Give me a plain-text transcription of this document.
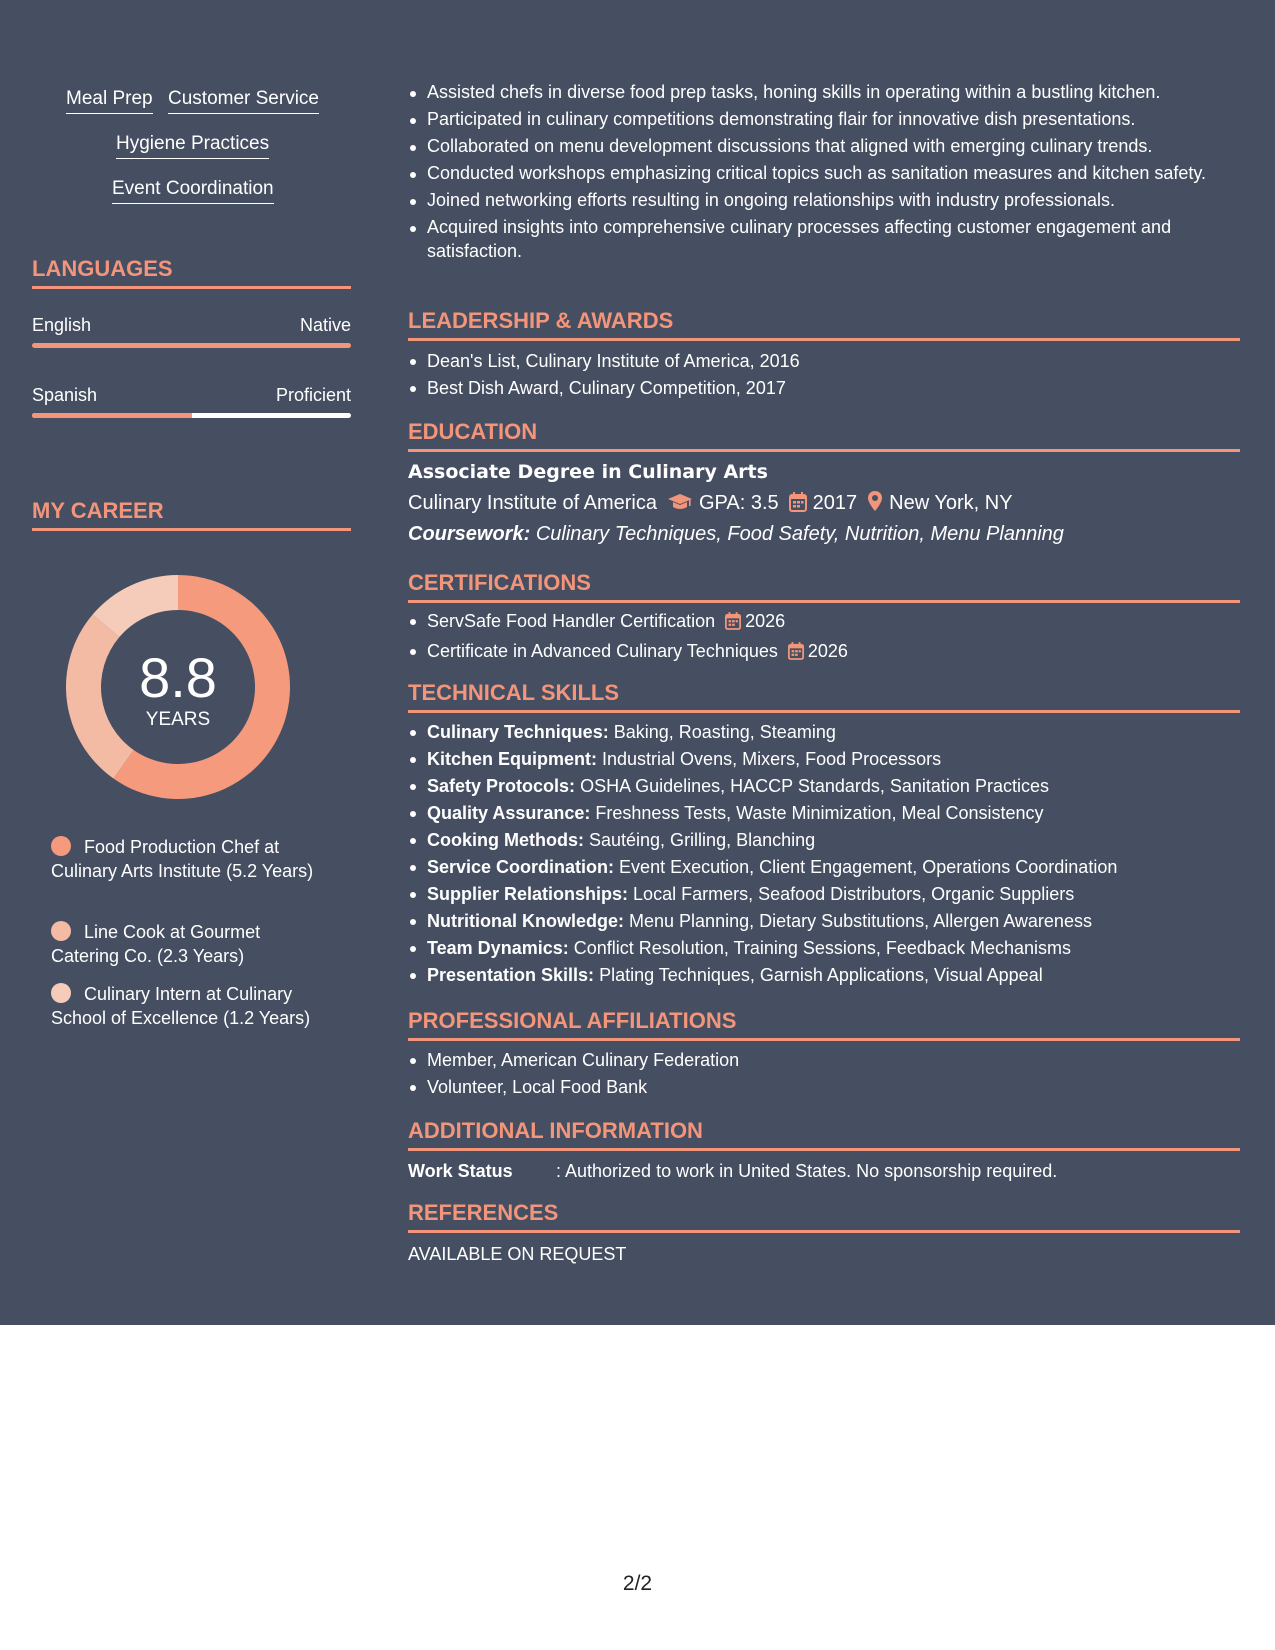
Meal Prep Customer Service
Hygiene Practices
Event Coordination
LANGUAGES
English	Native
Spanish	Proficient
MY CAREER
8.8
YEARS
Food Production Chef at Culinary Arts Institute (5.2 Years)
Line Cook at Gourmet Catering Co. (2.3 Years)
Culinary Intern at Culinary School of Excellence (1.2 Years)
Assisted chefs in diverse food prep tasks, honing skills in operating within a bustling kitchen.
Participated in culinary competitions demonstrating flair for innovative dish presentations.
Collaborated on menu development discussions that aligned with emerging culinary trends.
Conducted workshops emphasizing critical topics such as sanitation measures and kitchen safety.
Joined networking efforts resulting in ongoing relationships with industry professionals.
Acquired insights into comprehensive culinary processes affecting customer engagement and satisfaction.
LEADERSHIP & AWARDS
Dean's List, Culinary Institute of America, 2016
Best Dish Award, Culinary Competition, 2017
EDUCATION
Associate Degree in Culinary Arts
Culinary Institute of America GPA: 3.5 2017 New York, NY
Coursework: Culinary Techniques, Food Safety, Nutrition, Menu Planning
CERTIFICATIONS
ServSafe Food Handler Certification 2026
Certificate in Advanced Culinary Techniques 2026
TECHNICAL SKILLS
Culinary Techniques: Baking, Roasting, Steaming
Kitchen Equipment: Industrial Ovens, Mixers, Food Processors
Safety Protocols: OSHA Guidelines, HACCP Standards, Sanitation Practices
Quality Assurance: Freshness Tests, Waste Minimization, Meal Consistency
Cooking Methods: Sautéing, Grilling, Blanching
Service Coordination: Event Execution, Client Engagement, Operations Coordination
Supplier Relationships: Local Farmers, Seafood Distributors, Organic Suppliers
Nutritional Knowledge: Menu Planning, Dietary Substitutions, Allergen Awareness
Team Dynamics: Conflict Resolution, Training Sessions, Feedback Mechanisms
Presentation Skills: Plating Techniques, Garnish Applications, Visual Appeal
PROFESSIONAL AFFILIATIONS
Member, American Culinary Federation
Volunteer, Local Food Bank
ADDITIONAL INFORMATION
Work Status : Authorized to work in United States. No sponsorship required.
REFERENCES
AVAILABLE ON REQUEST
2/2
